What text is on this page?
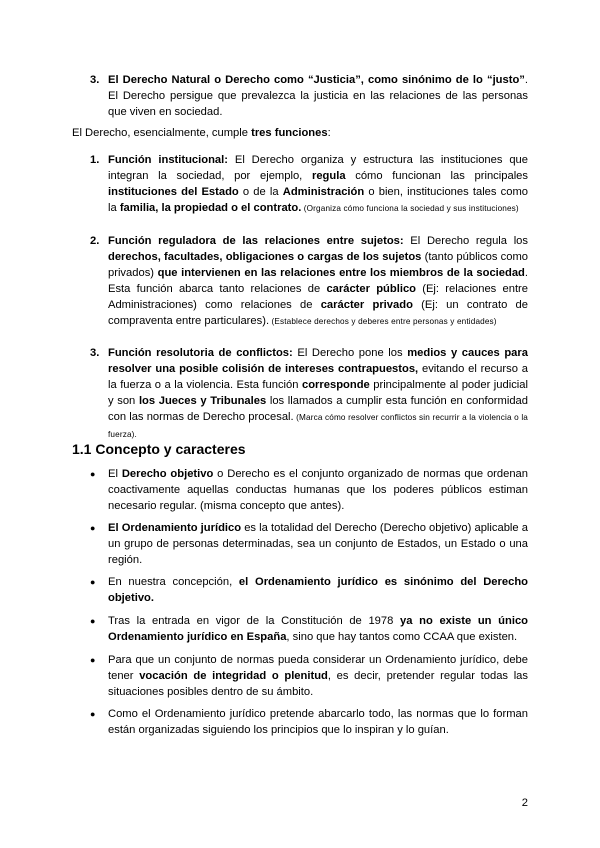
3. El Derecho Natural o Derecho como “Justicia”, como sinónimo de lo “justo”. El Derecho persigue que prevalezca la justicia en las relaciones de las personas que viven en sociedad.

El Derecho, esencialmente, cumple tres funciones:
1. Función institucional: El Derecho organiza y estructura las instituciones que integran la sociedad, por ejemplo, regula cómo funcionan las principales instituciones del Estado o de la Administración o bien, instituciones tales como la familia, la propiedad o el contrato. (Organiza cómo funciona la sociedad y sus instituciones)

2. Función reguladora de las relaciones entre sujetos: El Derecho regula los derechos, facultades, obligaciones o cargas de los sujetos (tanto públicos como privados) que intervienen en las relaciones entre los miembros de la sociedad. Esta función abarca tanto relaciones de carácter público (Ej: relaciones entre Administraciones) como relaciones de carácter privado (Ej: un contrato de compraventa entre particulares). (Establece derechos y deberes entre personas y entidades)

3. Función resolutoria de conflictos: El Derecho pone los medios y cauces para resolver una posible colisión de intereses contrapuestos, evitando el recurso a la fuerza o a la violencia. Esta función corresponde principalmente al poder judicial y son los Jueces y Tribunales los llamados a cumplir esta función en conformidad con las normas de Derecho procesal. (Marca cómo resolver conflictos sin recurrir a la violencia o la fuerza).

1.1 Concepto y caracteres
● El Derecho objetivo o Derecho es el conjunto organizado de normas que ordenan coactivamente aquellas conductas humanas que los poderes públicos estiman necesario regular. (misma concepto que antes).

● El Ordenamiento jurídico es la totalidad del Derecho (Derecho objetivo) aplicable a un grupo de personas determinadas, sea un conjunto de Estados, un Estado o una región.

● En nuestra concepción, el Ordenamiento jurídico es sinónimo del Derecho objetivo.

● Tras la entrada en vigor de la Constitución de 1978 ya no existe un único Ordenamiento jurídico en España, sino que hay tantos como CCAA que existen.

● Para que un conjunto de normas pueda considerar un Ordenamiento jurídico, debe tener vocación de integridad o plenitud, es decir, pretender regular todas las situaciones posibles dentro de su ámbito.

● Como el Ordenamiento jurídico pretende abarcarlo todo, las normas que lo forman están organizadas siguiendo los principios que lo inspiran y lo guían.

2
